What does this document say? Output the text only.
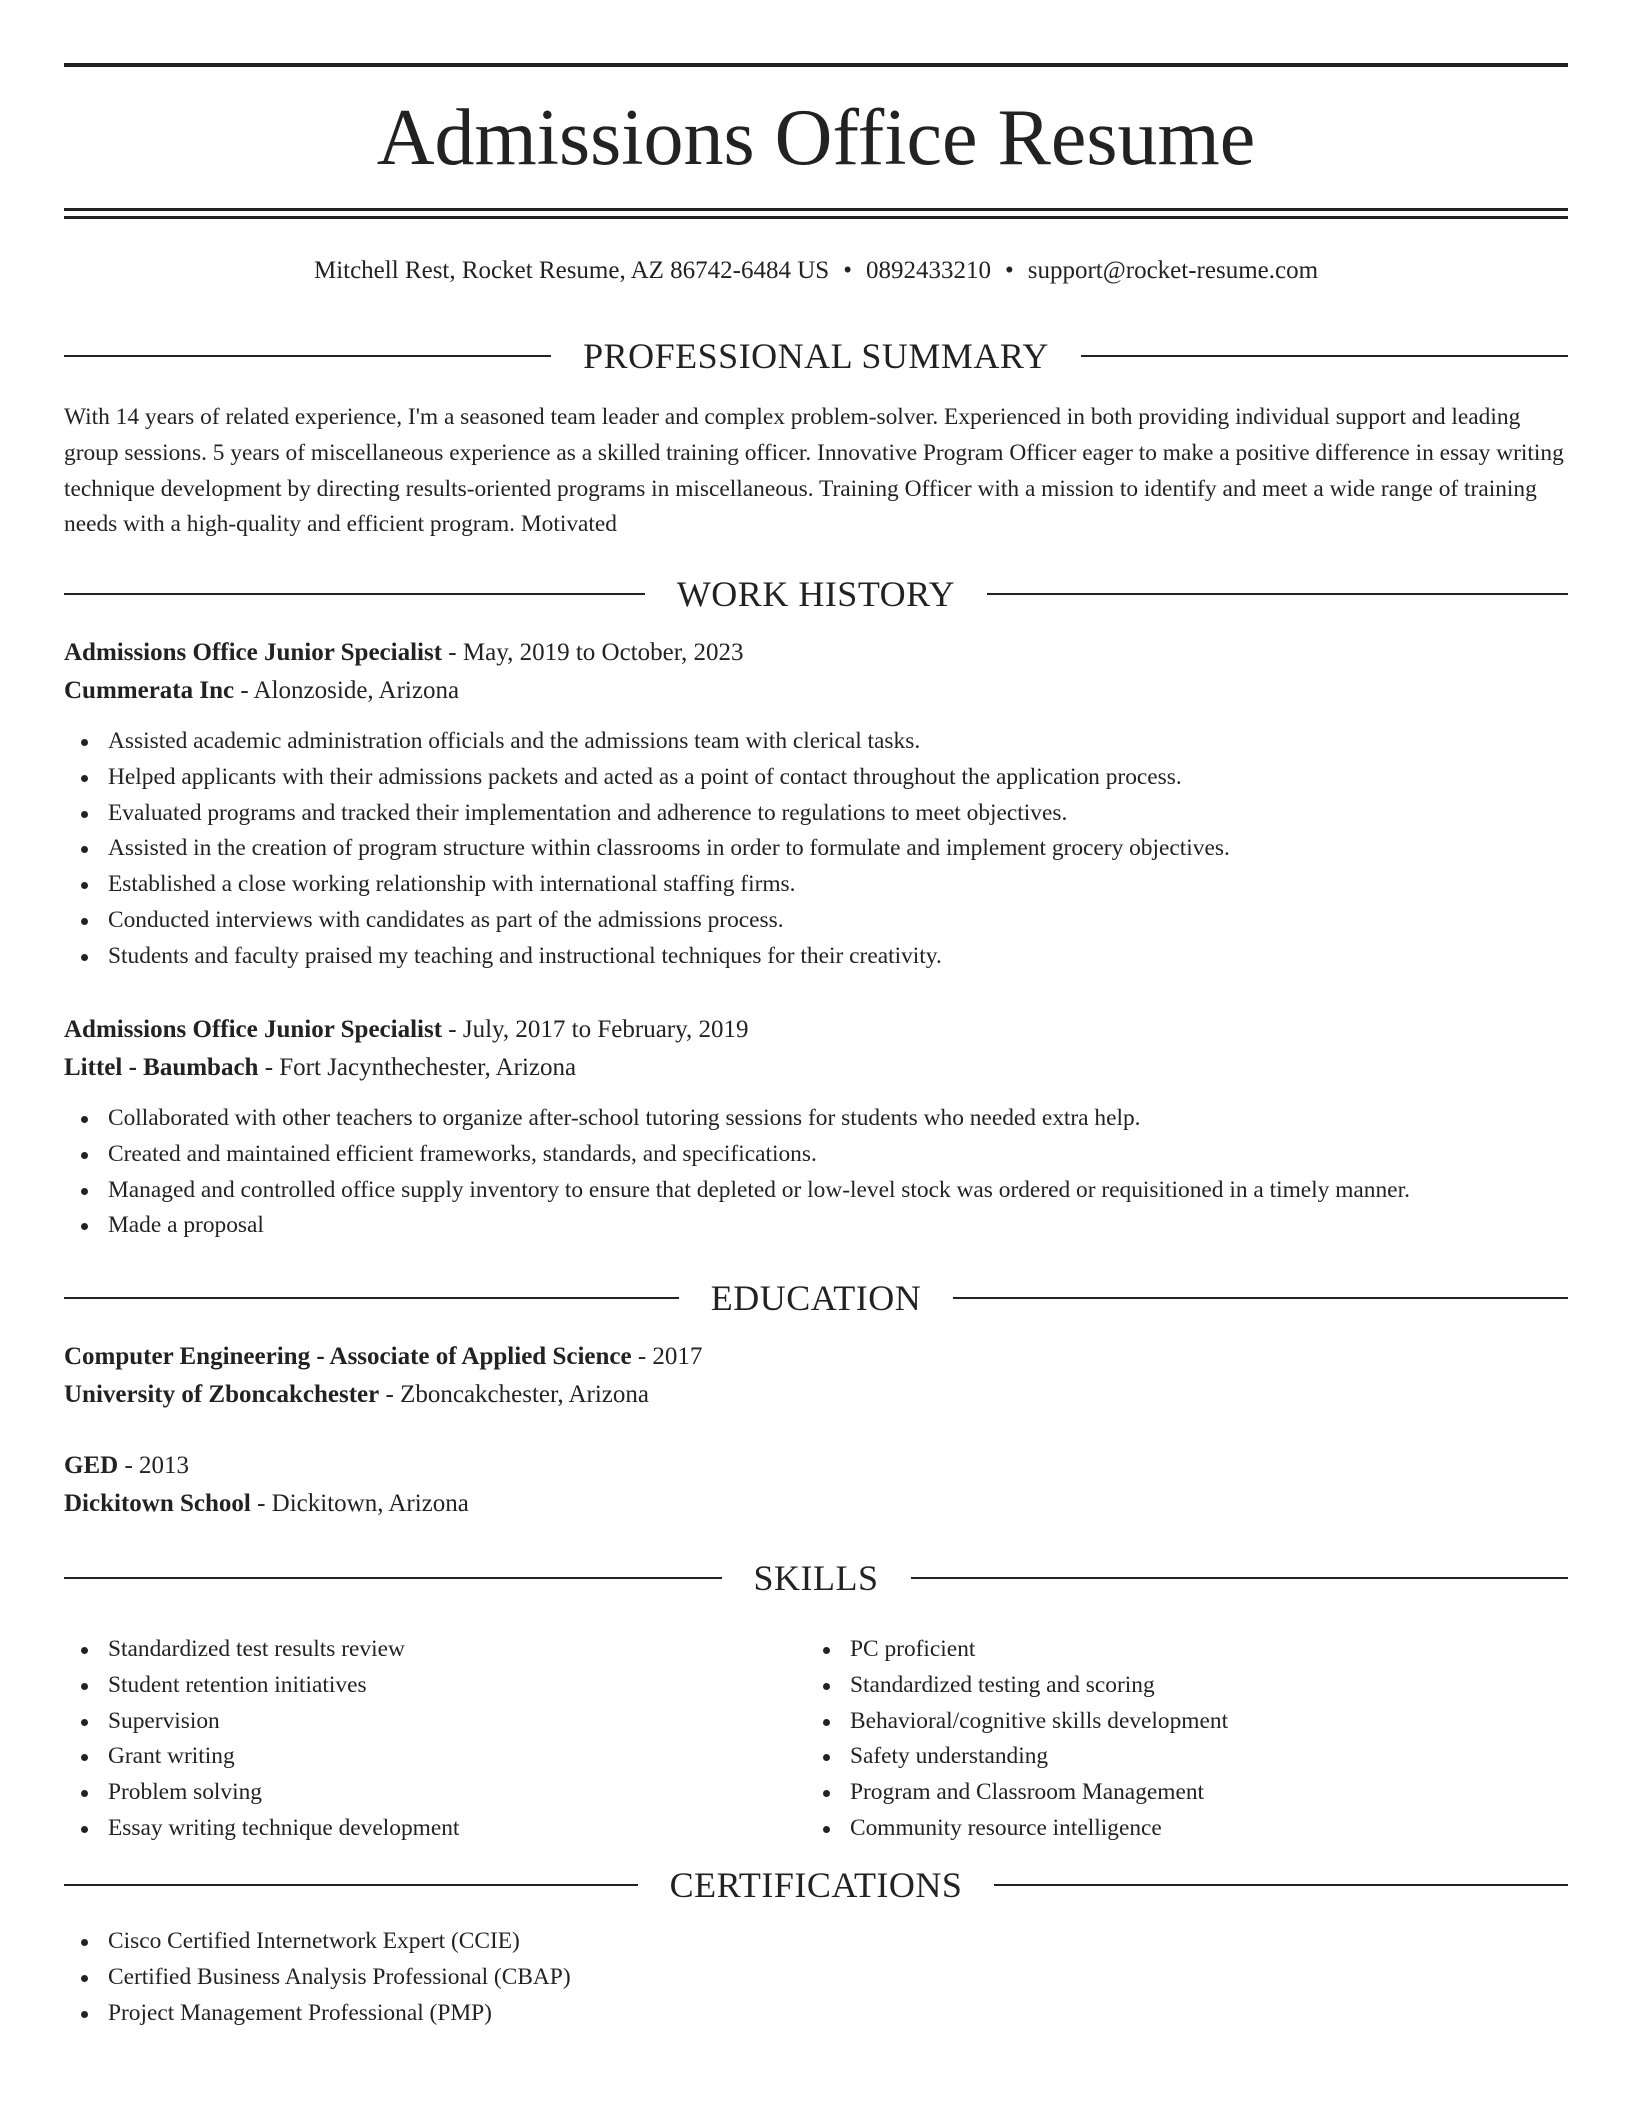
Admissions Office Resume
Mitchell Rest, Rocket Resume, AZ 86742-6484 US • 0892433210 • support@rocket-resume.com
PROFESSIONAL SUMMARY

With 14 years of related experience, I'm a seasoned team leader and complex problem-solver. Experienced in both providing individual support and leading group sessions. 5 years of miscellaneous experience as a skilled training officer. Innovative Program Officer eager to make a positive difference in essay writing technique development by directing results-oriented programs in miscellaneous. Training Officer with a mission to identify and meet a wide range of training needs with a high-quality and efficient program. Motivated

WORK HISTORY
Admissions Office Junior Specialist - May, 2019 to October, 2023
Cummerata Inc - Alonzoside, Arizona
Assisted academic administration officials and the admissions team with clerical tasks.
Helped applicants with their admissions packets and acted as a point of contact throughout the application process.
Evaluated programs and tracked their implementation and adherence to regulations to meet objectives.
Assisted in the creation of program structure within classrooms in order to formulate and implement grocery objectives.
Established a close working relationship with international staffing firms.
Conducted interviews with candidates as part of the admissions process.
Students and faculty praised my teaching and instructional techniques for their creativity.
Admissions Office Junior Specialist - July, 2017 to February, 2019
Littel - Baumbach - Fort Jacynthechester, Arizona
Collaborated with other teachers to organize after-school tutoring sessions for students who needed extra help.
Created and maintained efficient frameworks, standards, and specifications.
Managed and controlled office supply inventory to ensure that depleted or low-level stock was ordered or requisitioned in a timely manner.
Made a proposal
EDUCATION
Computer Engineering - Associate of Applied Science - 2017
University of Zboncakchester - Zboncakchester, Arizona
GED - 2013
Dickitown School - Dickitown, Arizona
SKILLS
Standardized test results review
Student retention initiatives
Supervision
Grant writing
Problem solving
Essay writing technique development
PC proficient
Standardized testing and scoring
Behavioral/cognitive skills development
Safety understanding
Program and Classroom Management
Community resource intelligence
CERTIFICATIONS
Cisco Certified Internetwork Expert (CCIE)
Certified Business Analysis Professional (CBAP)
Project Management Professional (PMP)
